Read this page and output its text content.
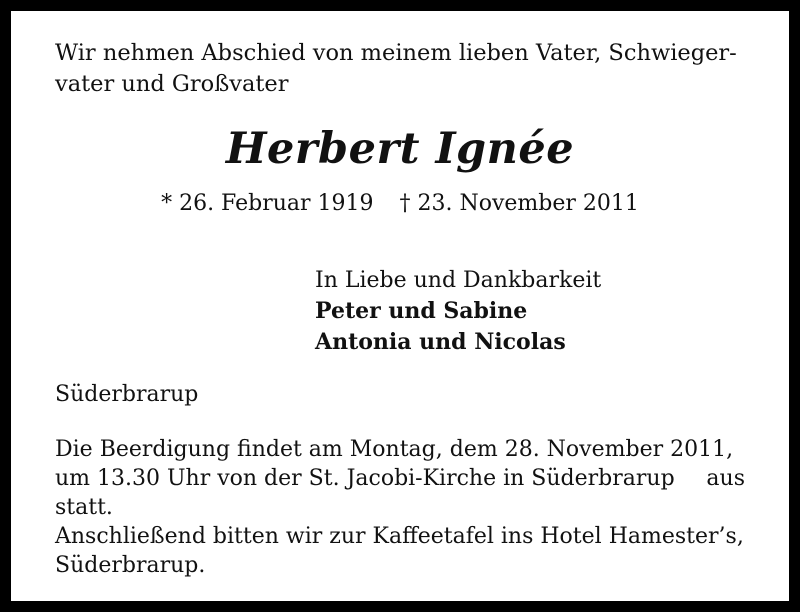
Wir nehmen Abschied von meinem lieben Vater, Schwieger-
vater und Großvater
Herbert Ignée
* 26. Februar 1919 † 23. November 2011
In Liebe und Dankbarkeit
Peter und Sabine
Antonia und Nicolas
Süderbrarup
Die Beerdigung findet am Montag, dem 28. November 2011,
um 13.30 Uhr von der St. Jacobi-Kirche in Süderbrarup aus
statt.
Anschließend bitten wir zur Kaffeetafel ins Hotel Hamester’s,
Süderbrarup.
